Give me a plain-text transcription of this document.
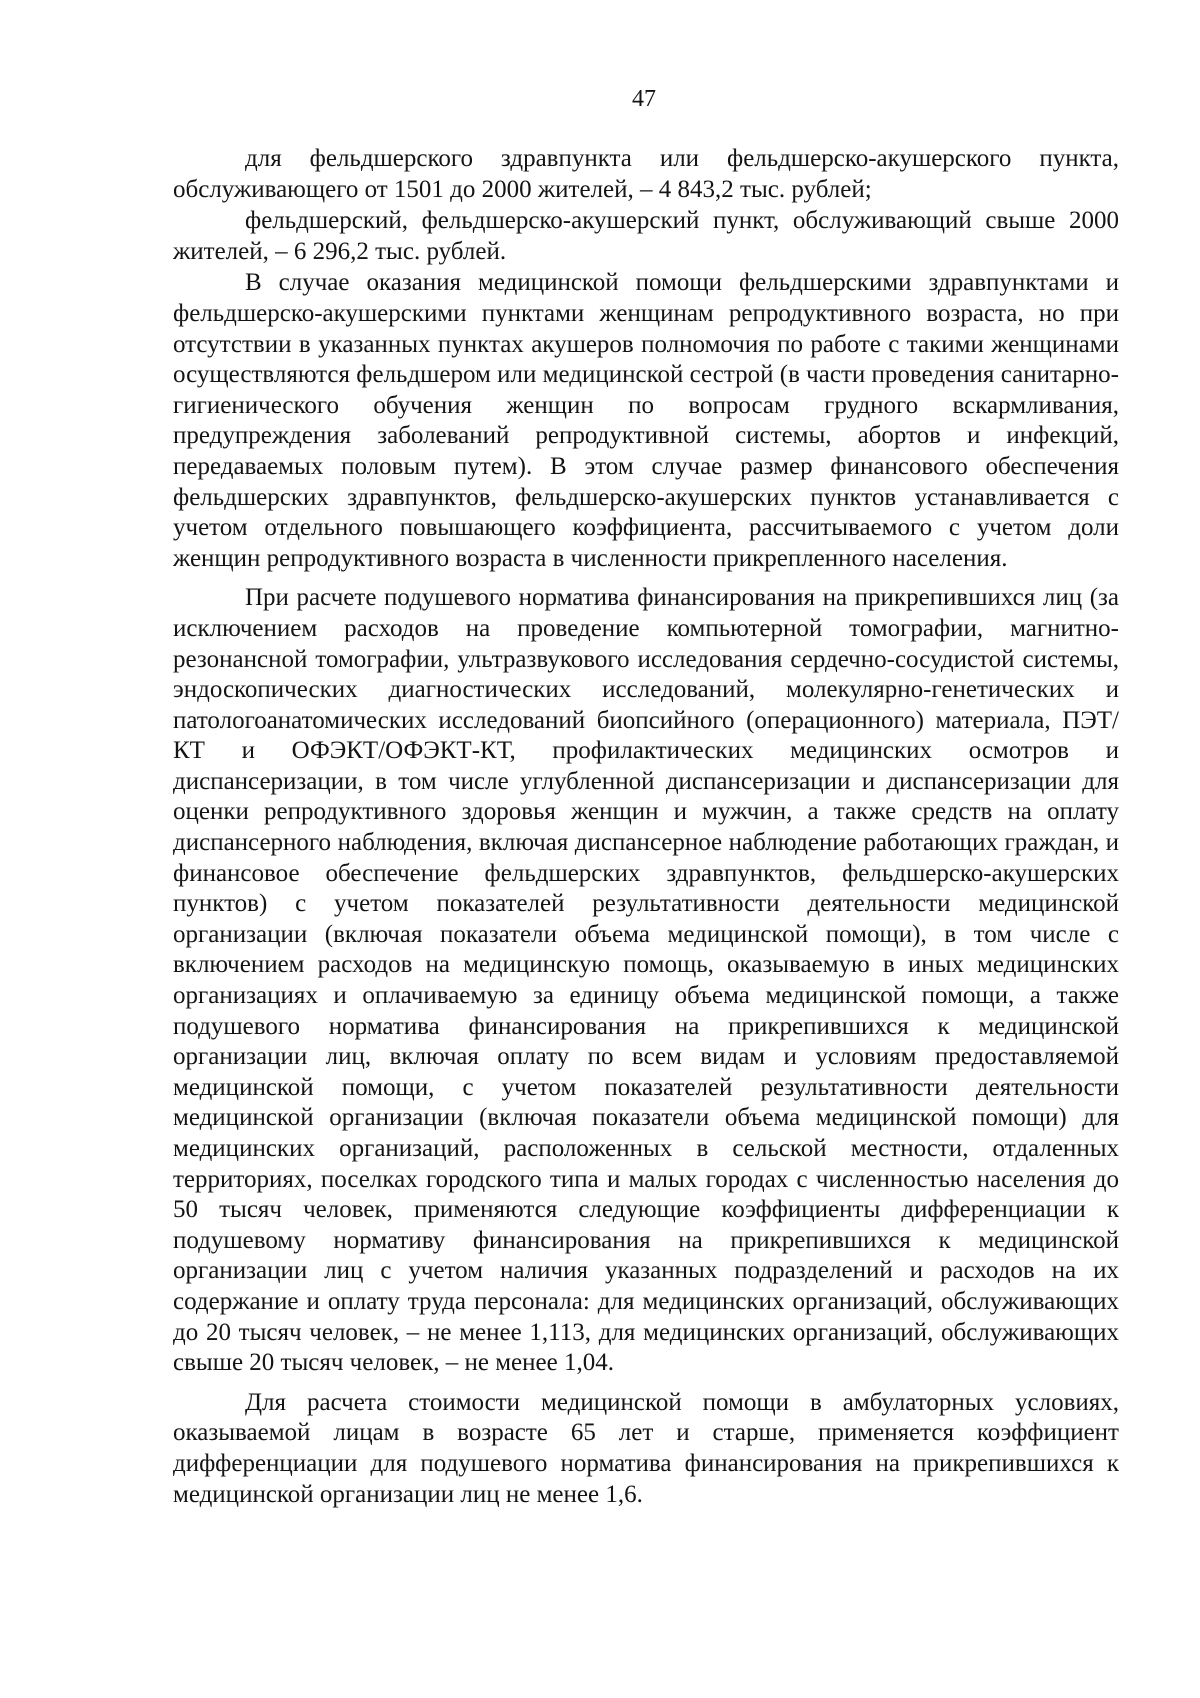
47

для фельдшерского здравпункта или фельдшерско-акушерского пункта, обслуживающего от 1501 до 2000 жителей, – 4 843,2 тыс. рублей;

фельдшерский, фельдшерско-акушерский пункт, обслуживающий свыше 2000 жителей, – 6 296,2 тыс. рублей.

В случае оказания медицинской помощи фельдшерскими здравпунктами и фельдшерско-акушерскими пунктами женщинам репродуктивного возраста, но при отсутствии в указанных пунктах акушеров полномочия по работе с такими женщинами осуществляются фельдшером или медицинской сестрой (в части проведения санитарно-гигиенического обучения женщин по вопросам грудного вскармливания, предупреждения заболеваний репродуктивной системы, абортов и инфекций, передаваемых половым путем). В этом случае размер финансового обеспечения фельдшерских здравпунктов, фельдшерско-акушерских пунктов устанавливается с учетом отдельного повышающего коэффициента, рассчитываемого с учетом доли женщин репродуктивного возраста в численности прикрепленного населения.

При расчете подушевого норматива финансирования на прикрепившихся лиц (за исключением расходов на проведение компьютерной томографии, магнитно-резонансной томографии, ультразвукового исследования сердечно-сосудистой системы, эндоскопических диагностических исследований, молекулярно-генетических и патологоанатомических исследований биопсийного (операционного) материала, ПЭТ/КТ и ОФЭКТ/ОФЭКТ-КТ, профилактических медицинских осмотров и диспансеризации, в том числе углубленной диспансеризации и диспансеризации для оценки репродуктивного здоровья женщин и мужчин, а также средств на оплату диспансерного наблюдения, включая диспансерное наблюдение работающих граждан, и финансовое обеспечение фельдшерских здравпунктов, фельдшерско-акушерских пунктов) с учетом показателей результативности деятельности медицинской организации (включая показатели объема медицинской помощи), в том числе с включением расходов на медицинскую помощь, оказываемую в иных медицинских организациях и оплачиваемую за единицу объема медицинской помощи, а также подушевого норматива финансирования на прикрепившихся к медицинской организации лиц, включая оплату по всем видам и условиям предоставляемой медицинской помощи, с учетом показателей результативности деятельности медицинской организации (включая показатели объема медицинской помощи) для медицинских организаций, расположенных в сельской местности, отдаленных территориях, поселках городского типа и малых городах с численностью населения до 50 тысяч человек, применяются следующие коэффициенты дифференциации к подушевому нормативу финансирования на прикрепившихся к медицинской организации лиц с учетом наличия указанных подразделений и расходов на их содержание и оплату труда персонала: для медицинских организаций, обслуживающих до 20 тысяч человек, – не менее 1,113, для медицинских организаций, обслуживающих свыше 20 тысяч человек, – не менее 1,04.

Для расчета стоимости медицинской помощи в амбулаторных условиях, оказываемой лицам в возрасте 65 лет и старше, применяется коэффициент дифференциации для подушевого норматива финансирования на прикрепившихся к медицинской организации лиц не менее 1,6.
